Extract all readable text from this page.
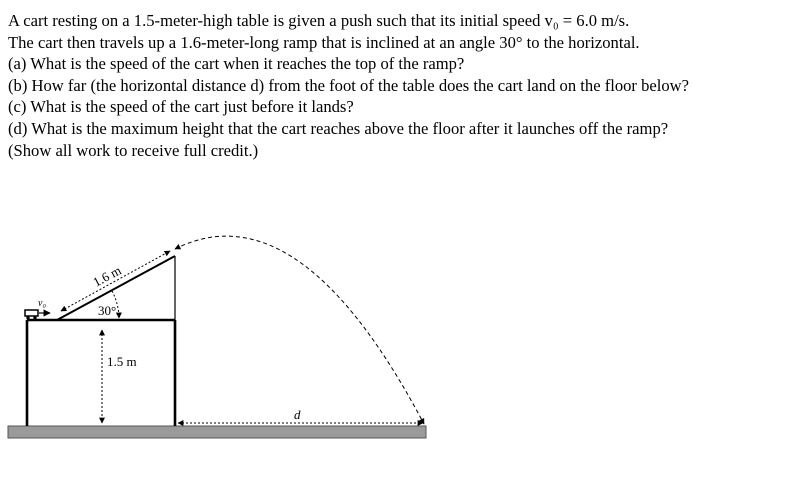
A cart resting on a 1.5-meter-high table is given a push such that its initial speed v₀ = 6.0 m/s.

The cart then travels up a 1.6-meter-long ramp that is inclined at an angle 30° to the horizontal.

(a) What is the speed of the cart when it reaches the top of the ramp?

(b) How far (the horizontal distance d) from the foot of the table does the cart land on the floor below?

(c) What is the speed of the cart just before it lands?

(d) What is the maximum height that the cart reaches above the floor after it launches off the ramp?

(Show all work to receive full credit.)

1.6 m
30°
v₀
1.5 m
d
